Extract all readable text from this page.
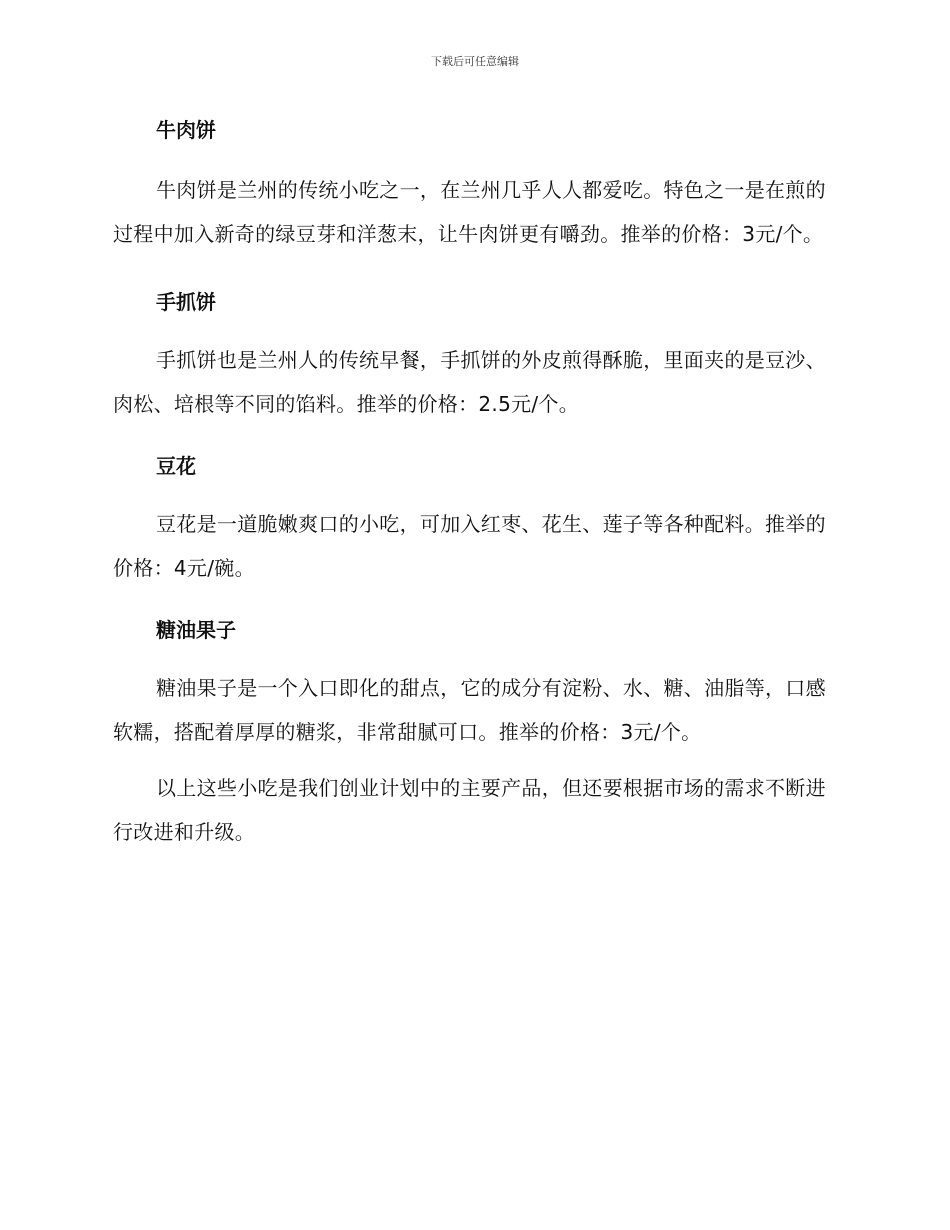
下载后可任意编辑
牛肉饼

牛肉饼是兰州的传统小吃之一，在兰州几乎人人都爱吃。特色之一是在煎的过程中加入新奇的绿豆芽和洋葱末，让牛肉饼更有嚼劲。推举的价格：3元/个。

手抓饼

手抓饼也是兰州人的传统早餐，手抓饼的外皮煎得酥脆，里面夹的是豆沙、肉松、培根等不同的馅料。推举的价格：2.5元/个。

豆花

豆花是一道脆嫩爽口的小吃，可加入红枣、花生、莲子等各种配料。推举的价格：4元/碗。

糖油果子

糖油果子是一个入口即化的甜点，它的成分有淀粉、水、糖、油脂等，口感软糯，搭配着厚厚的糖浆，非常甜腻可口。推举的价格：3元/个。

以上这些小吃是我们创业计划中的主要产品，但还要根据市场的需求不断进行改进和升级。
